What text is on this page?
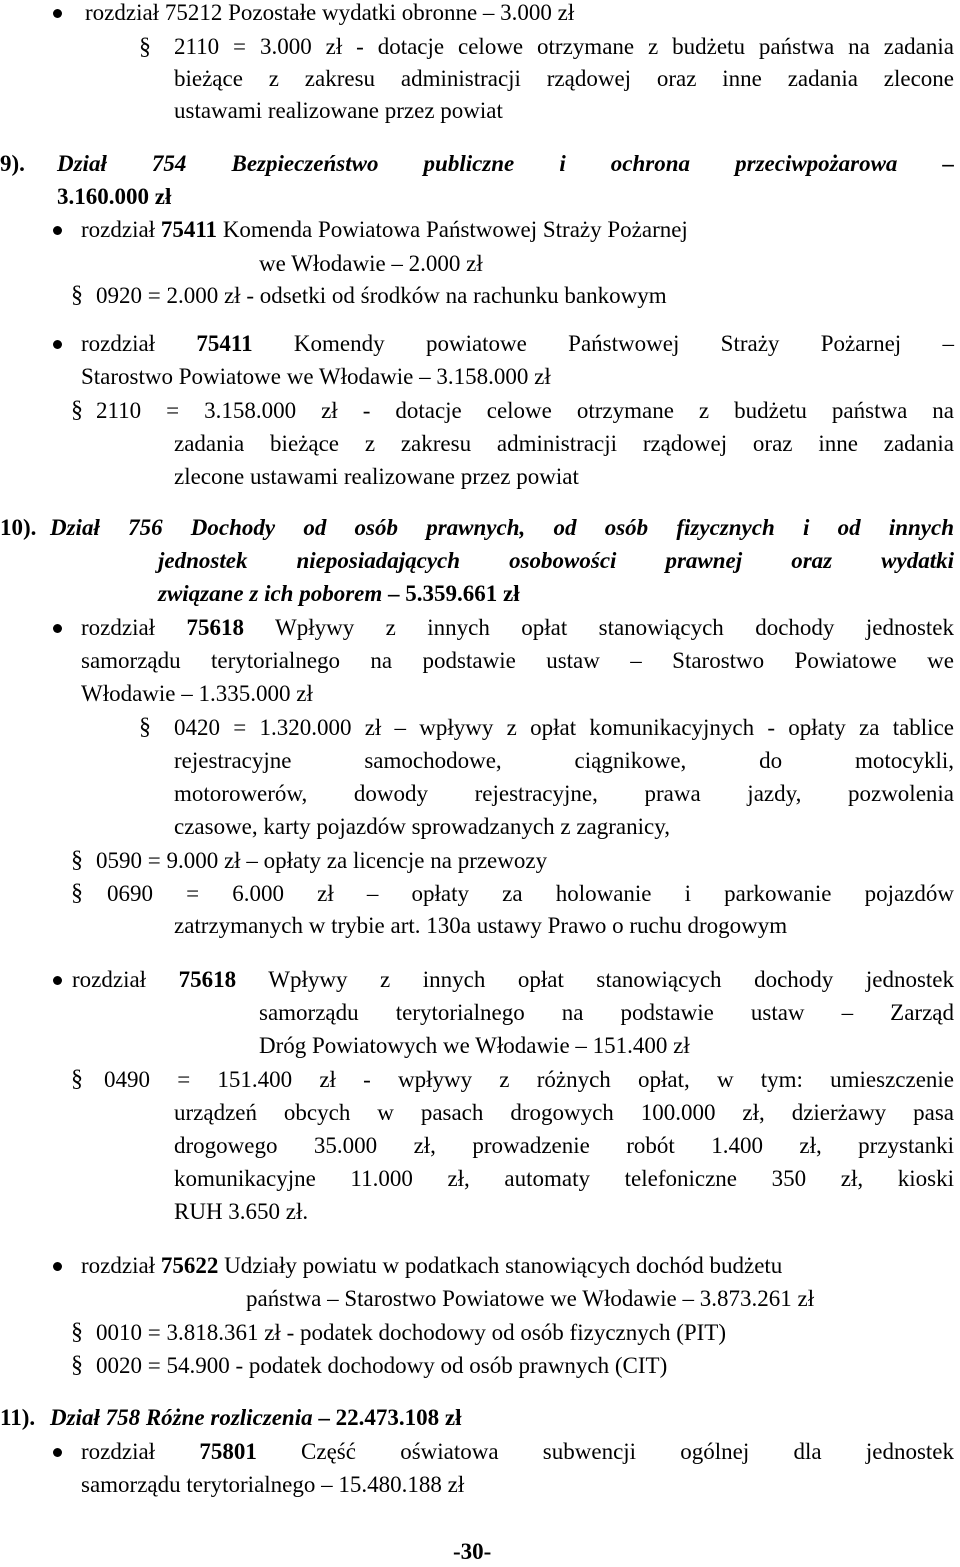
rozdział 75212 Pozostałe wydatki obronne – 3.000 zł
§ 2110 = 3.000 zł - dotacje celowe otrzymane z budżetu państwa na zadania
bieżące z zakresu administracji rządowej oraz inne zadania zlecone
ustawami realizowane przez powiat
9). Dział 754 Bezpieczeństwo publiczne i ochrona przeciwpożarowa –
3.160.000 zł
rozdział 75411 Komenda Powiatowa Państwowej Straży Pożarnej
we Włodawie – 2.000 zł
§ 0920 = 2.000 zł - odsetki od środków na rachunku bankowym
rozdział 75411 Komendy powiatowe Państwowej Straży Pożarnej –
Starostwo Powiatowe we Włodawie – 3.158.000 zł
§ 2110 = 3.158.000 zł - dotacje celowe otrzymane z budżetu państwa na
zadania bieżące z zakresu administracji rządowej oraz inne zadania
zlecone ustawami realizowane przez powiat
10). Dział 756 Dochody od osób prawnych, od osób fizycznych i od innych
jednostek nieposiadających osobowości prawnej oraz wydatki
związane z ich poborem – 5.359.661 zł
rozdział 75618 Wpływy z innych opłat stanowiących dochody jednostek
samorządu terytorialnego na podstawie ustaw – Starostwo Powiatowe we
Włodawie – 1.335.000 zł
§ 0420 = 1.320.000 zł – wpływy z opłat komunikacyjnych - opłaty za tablice
rejestracyjne samochodowe, ciągnikowe, do motocykli,
motorowerów, dowody rejestracyjne, prawa jazdy, pozwolenia
czasowe, karty pojazdów sprowadzanych z zagranicy,
§ 0590 = 9.000 zł – opłaty za licencje na przewozy
§ 0690 = 6.000 zł – opłaty za holowanie i parkowanie pojazdów
zatrzymanych w trybie art. 130a ustawy Prawo o ruchu drogowym
rozdział 75618 Wpływy z innych opłat stanowiących dochody jednostek
samorządu terytorialnego na podstawie ustaw – Zarząd
Dróg Powiatowych we Włodawie – 151.400 zł
§ 0490 = 151.400 zł - wpływy z różnych opłat, w tym: umieszczenie
urządzeń obcych w pasach drogowych 100.000 zł, dzierżawy pasa
drogowego 35.000 zł, prowadzenie robót 1.400 zł, przystanki
komunikacyjne 11.000 zł, automaty telefoniczne 350 zł, kioski
RUH 3.650 zł.
rozdział 75622 Udziały powiatu w podatkach stanowiących dochód budżetu
państwa – Starostwo Powiatowe we Włodawie – 3.873.261 zł
§ 0010 = 3.818.361 zł - podatek dochodowy od osób fizycznych (PIT)
§ 0020 = 54.900 - podatek dochodowy od osób prawnych (CIT)
11). Dział 758 Różne rozliczenia – 22.473.108 zł
rozdział 75801 Część oświatowa subwencji ogólnej dla jednostek
samorządu terytorialnego – 15.480.188 zł
-30-
